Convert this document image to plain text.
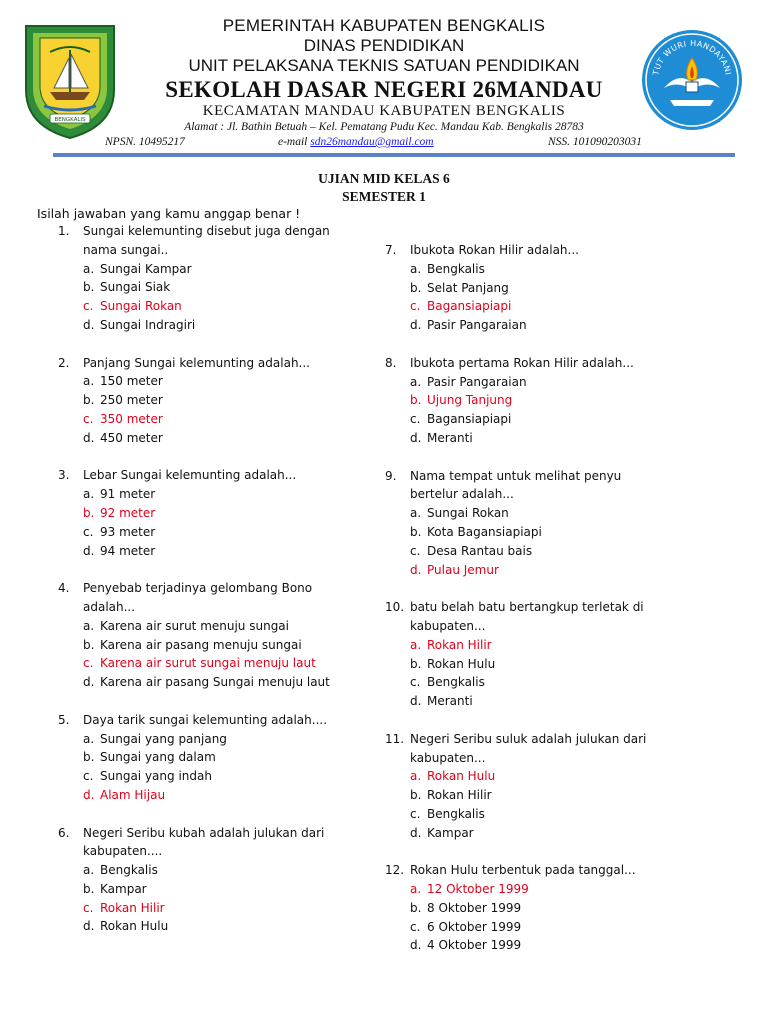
BENGKALIS
TUT WURI HANDAYANI
PEMERINTAH KABUPATEN BENGKALIS
DINAS PENDIDIKAN
UNIT PELAKSANA TEKNIS SATUAN PENDIDIKAN
SEKOLAH DASAR NEGERI 26MANDAU
KECAMATAN MANDAU KABUPATEN BENGKALIS
Alamat : Jl. Bathin Betuah – Kel. Pematang Pudu Kec. Mandau Kab. Bengkalis 28783
NPSN. 10495217	e-mail sdn26mandau@gmail.com	NSS. 101090203031
UJIAN MID KELAS 6
SEMESTER 1
Isilah jawaban yang kamu anggap benar !
1.	Sungai kelemunting disebut juga dengan nama sungai..
a. Sungai Kampar
b. Sungai Siak
c. Sungai Rokan
d. Sungai Indragiri
2.	Panjang Sungai kelemunting adalah...
a. 150 meter
b. 250 meter
c. 350 meter
d. 450 meter
3.	Lebar Sungai kelemunting adalah...
a. 91 meter
b. 92 meter
c. 93 meter
d. 94 meter
4.	Penyebab terjadinya gelombang Bono adalah...
a. Karena air surut menuju sungai
b. Karena air pasang menuju sungai
c. Karena air surut sungai menuju laut
d. Karena air pasang Sungai menuju laut
5.	Daya tarik sungai kelemunting adalah....
a. Sungai yang panjang
b. Sungai yang dalam
c. Sungai yang indah
d. Alam Hijau
6.	Negeri Seribu kubah adalah julukan dari kabupaten....
a. Bengkalis
b. Kampar
c. Rokan Hilir
d. Rokan Hulu
7.	Ibukota Rokan Hilir adalah...
a. Bengkalis
b. Selat Panjang
c. Bagansiapiapi
d. Pasir Pangaraian
8.	Ibukota pertama Rokan Hilir adalah...
a. Pasir Pangaraian
b. Ujung Tanjung
c. Bagansiapiapi
d. Meranti
9.	Nama tempat untuk melihat penyu bertelur adalah...
a. Sungai Rokan
b. Kota Bagansiapiapi
c. Desa Rantau bais
d. Pulau Jemur
10. batu belah batu bertangkup terletak di kabupaten...
a. Rokan Hilir
b. Rokan Hulu
c. Bengkalis
d. Meranti
11. Negeri Seribu suluk adalah julukan dari kabupaten...
a. Rokan Hulu
b. Rokan Hilir
c. Bengkalis
d. Kampar
12. Rokan Hulu terbentuk pada tanggal...
a. 12 Oktober 1999
b. 8 Oktober 1999
c. 6 Oktober 1999
d. 4 Oktober 1999
